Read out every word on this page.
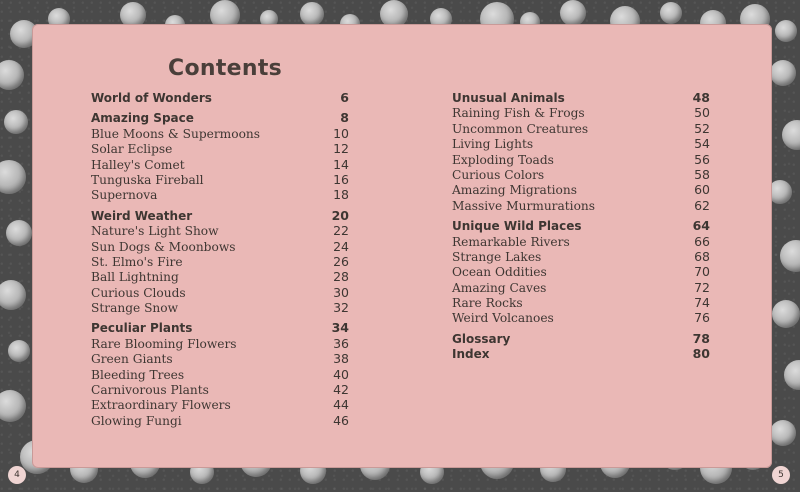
Contents
World of Wonders	6
Amazing Space	8
Blue Moons & Supermoons	10
Solar Eclipse	12
Halley's Comet	14
Tunguska Fireball	16
Supernova	18
Weird Weather	20
Nature's Light Show	22
Sun Dogs & Moonbows	24
St. Elmo's Fire	26
Ball Lightning	28
Curious Clouds	30
Strange Snow	32
Peculiar Plants	34
Rare Blooming Flowers	36
Green Giants	38
Bleeding Trees	40
Carnivorous Plants	42
Extraordinary Flowers	44
Glowing Fungi	46
Unusual Animals	48
Raining Fish & Frogs	50
Uncommon Creatures	52
Living Lights	54
Exploding Toads	56
Curious Colors	58
Amazing Migrations	60
Massive Murmurations	62
Unique Wild Places	64
Remarkable Rivers	66
Strange Lakes	68
Ocean Oddities	70
Amazing Caves	72
Rare Rocks	74
Weird Volcanoes	76
Glossary	78
Index	80
4	5
